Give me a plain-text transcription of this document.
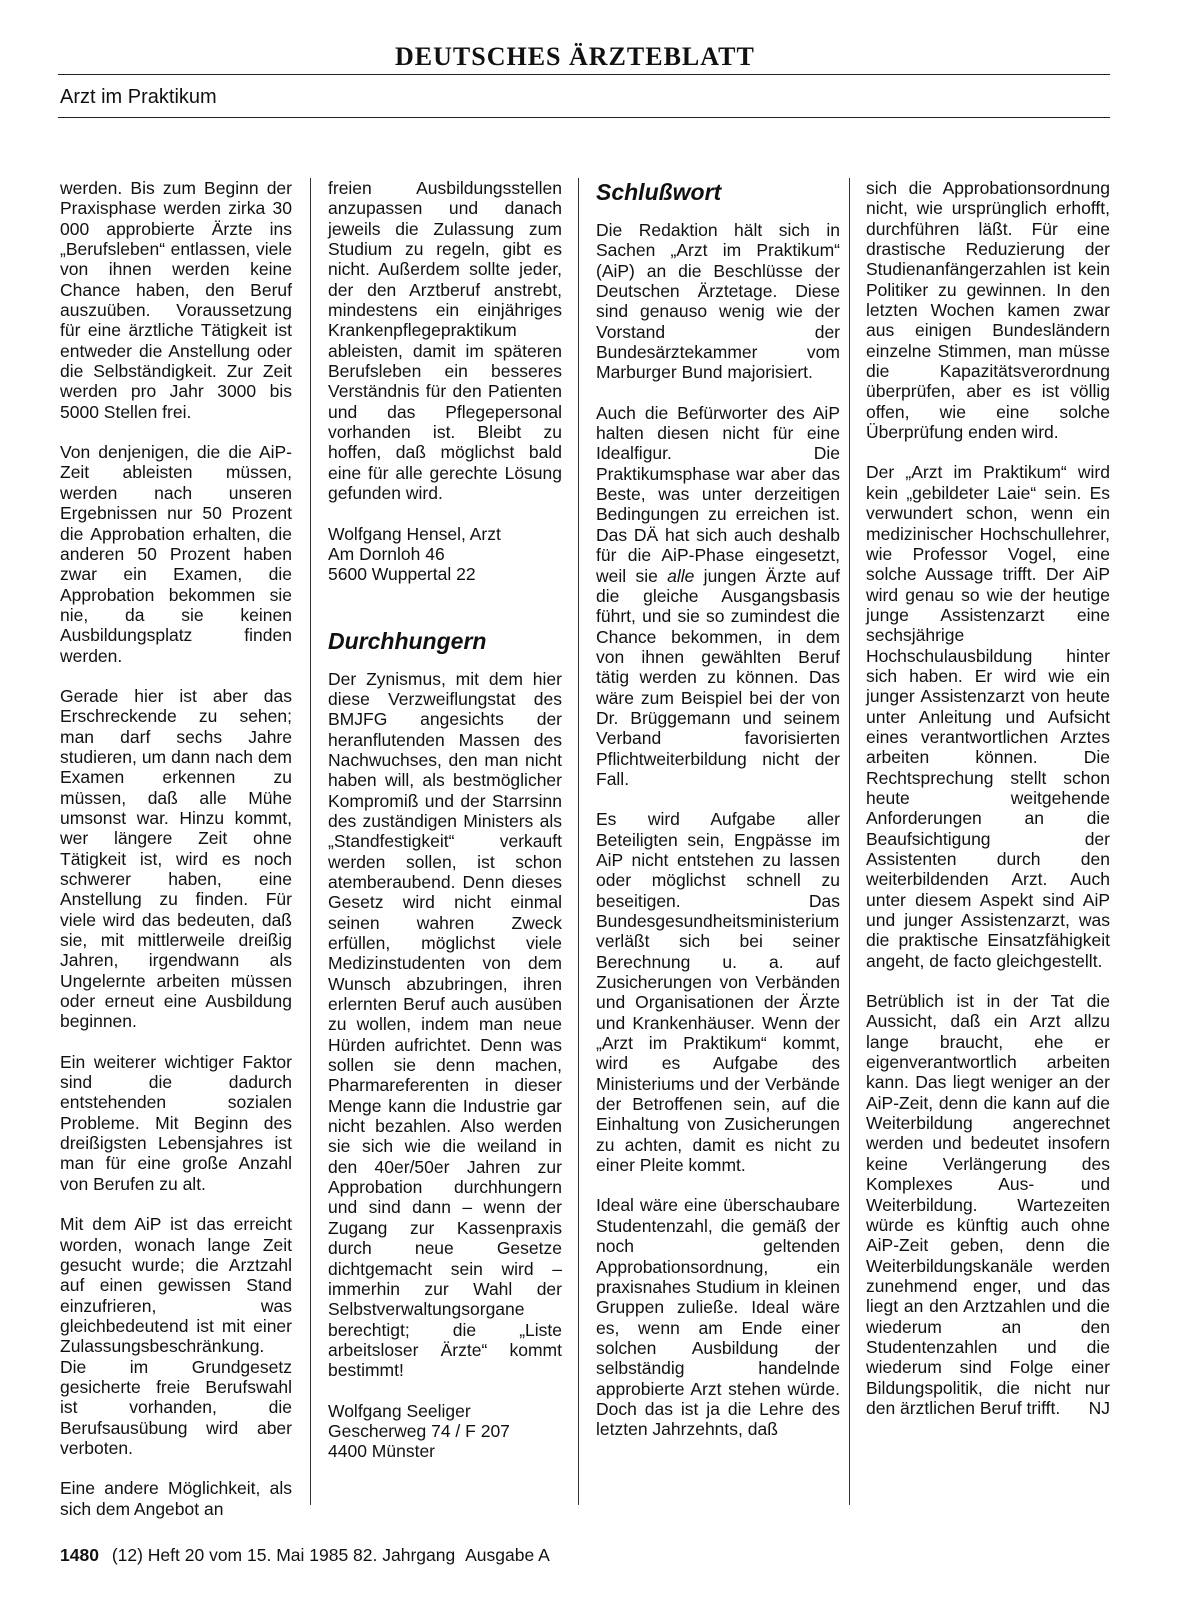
DEUTSCHES ÄRZTEBLATT
Arzt im Praktikum

werden. Bis zum Beginn der Praxisphase werden zirka 30 000 approbierte Ärzte ins „Berufsleben“ entlassen, viele von ihnen werden keine Chance haben, den Beruf auszuüben. Voraussetzung für eine ärztliche Tätigkeit ist entweder die Anstellung oder die Selbständigkeit. Zur Zeit werden pro Jahr 3000 bis 5000 Stellen frei.

Von denjenigen, die die AiP-Zeit ableisten müssen, werden nach unseren Ergebnissen nur 50 Prozent die Approbation erhalten, die anderen 50 Prozent haben zwar ein Examen, die Approbation bekommen sie nie, da sie keinen Ausbildungsplatz finden werden.

Gerade hier ist aber das Erschreckende zu sehen; man darf sechs Jahre studieren, um dann nach dem Examen erkennen zu müssen, daß alle Mühe umsonst war. Hinzu kommt, wer längere Zeit ohne Tätigkeit ist, wird es noch schwerer haben, eine Anstellung zu finden. Für viele wird das bedeuten, daß sie, mit mittlerweile dreißig Jahren, irgendwann als Ungelernte arbeiten müssen oder erneut eine Ausbildung beginnen.

Ein weiterer wichtiger Faktor sind die dadurch entstehenden sozialen Probleme. Mit Beginn des dreißigsten Lebensjahres ist man für eine große Anzahl von Berufen zu alt.

Mit dem AiP ist das erreicht worden, wonach lange Zeit gesucht wurde; die Arztzahl auf einen gewissen Stand einzufrieren, was gleichbedeutend ist mit einer Zulassungsbeschränkung. Die im Grundgesetz gesicherte freie Berufswahl ist vorhanden, die Berufsausübung wird aber verboten.

Eine andere Möglichkeit, als sich dem Angebot an

freien Ausbildungsstellen anzupassen und danach jeweils die Zulassung zum Studium zu regeln, gibt es nicht. Außerdem sollte jeder, der den Arztberuf anstrebt, mindestens ein einjähriges Krankenpflegepraktikum ableisten, damit im späteren Berufsleben ein besseres Verständnis für den Patienten und das Pflegepersonal vorhanden ist. Bleibt zu hoffen, daß möglichst bald eine für alle gerechte Lösung gefunden wird.

Wolfgang Hensel, Arzt
Am Dornloh 46
5600 Wuppertal 22
Durchhungern

Der Zynismus, mit dem hier diese Verzweiflungstat des BMJFG angesichts der heranflutenden Massen des Nachwuchses, den man nicht haben will, als bestmöglicher Kompromiß und der Starrsinn des zuständigen Ministers als „Standfestigkeit“ verkauft werden sollen, ist schon atemberaubend. Denn dieses Gesetz wird nicht einmal seinen wahren Zweck erfüllen, möglichst viele Medizinstudenten von dem Wunsch abzubringen, ihren erlernten Beruf auch ausüben zu wollen, indem man neue Hürden aufrichtet. Denn was sollen sie denn machen, Pharmareferenten in dieser Menge kann die Industrie gar nicht bezahlen. Also werden sie sich wie die weiland in den 40er/50er Jahren zur Approbation durchhungern und sind dann – wenn der Zugang zur Kassenpraxis durch neue Gesetze dichtgemacht sein wird – immerhin zur Wahl der Selbstverwaltungsorgane berechtigt; die „Liste arbeitsloser Ärzte“ kommt bestimmt!

Wolfgang Seeliger
Gescherweg 74 / F 207
4400 Münster
Schlußwort

Die Redaktion hält sich in Sachen „Arzt im Praktikum“ (AiP) an die Beschlüsse der Deutschen Ärztetage. Diese sind genauso wenig wie der Vorstand der Bundesärztekammer vom Marburger Bund majorisiert.

Auch die Befürworter des AiP halten diesen nicht für eine Idealfigur. Die Praktikumsphase war aber das Beste, was unter derzeitigen Bedingungen zu erreichen ist. Das DÄ hat sich auch deshalb für die AiP-Phase eingesetzt, weil sie alle jungen Ärzte auf die gleiche Ausgangsbasis führt, und sie so zumindest die Chance bekommen, in dem von ihnen gewählten Beruf tätig werden zu können. Das wäre zum Beispiel bei der von Dr. Brüggemann und seinem Verband favorisierten Pflichtweiterbildung nicht der Fall.

Es wird Aufgabe aller Beteiligten sein, Engpässe im AiP nicht entstehen zu lassen oder möglichst schnell zu beseitigen. Das Bundesgesundheitsministerium verläßt sich bei seiner Berechnung u. a. auf Zusicherungen von Verbänden und Organisationen der Ärzte und Krankenhäuser. Wenn der „Arzt im Praktikum“ kommt, wird es Aufgabe des Ministeriums und der Verbände der Betroffenen sein, auf die Einhaltung von Zusicherungen zu achten, damit es nicht zu einer Pleite kommt.

Ideal wäre eine überschaubare Studentenzahl, die gemäß der noch geltenden Approbationsordnung, ein praxisnahes Studium in kleinen Gruppen zuließe. Ideal wäre es, wenn am Ende einer solchen Ausbildung der selbständig handelnde approbierte Arzt stehen würde. Doch das ist ja die Lehre des letzten Jahrzehnts, daß

sich die Approbationsordnung nicht, wie ursprünglich erhofft, durchführen läßt. Für eine drastische Reduzierung der Studienanfängerzahlen ist kein Politiker zu gewinnen. In den letzten Wochen kamen zwar aus einigen Bundesländern einzelne Stimmen, man müsse die Kapazitätsverordnung überprüfen, aber es ist völlig offen, wie eine solche Überprüfung enden wird.

Der „Arzt im Praktikum“ wird kein „gebildeter Laie“ sein. Es verwundert schon, wenn ein medizinischer Hochschullehrer, wie Professor Vogel, eine solche Aussage trifft. Der AiP wird genau so wie der heutige junge Assistenzarzt eine sechsjährige Hochschulausbildung hinter sich haben. Er wird wie ein junger Assistenzarzt von heute unter Anleitung und Aufsicht eines verantwortlichen Arztes arbeiten können. Die Rechtsprechung stellt schon heute weitgehende Anforderungen an die Beaufsichtigung der Assistenten durch den weiterbildenden Arzt. Auch unter diesem Aspekt sind AiP und junger Assistenzarzt, was die praktische Einsatzfähigkeit angeht, de facto gleichgestellt.

Betrüblich ist in der Tat die Aussicht, daß ein Arzt allzu lange braucht, ehe er eigenverantwortlich arbeiten kann. Das liegt weniger an der AiP-Zeit, denn die kann auf die Weiterbildung angerechnet werden und bedeutet insofern keine Verlängerung des Komplexes Aus- und Weiterbildung. Wartezeiten würde es künftig auch ohne AiP-Zeit geben, denn die Weiterbildungskanäle werden zunehmend enger, und das liegt an den Arztzahlen und die wiederum an den Studentenzahlen und die wiederum sind Folge einer Bildungspolitik, die nicht nur den ärztlichen Beruf trifft. NJ

1480 (12) Heft 20 vom 15. Mai 1985 82. Jahrgang Ausgabe A
